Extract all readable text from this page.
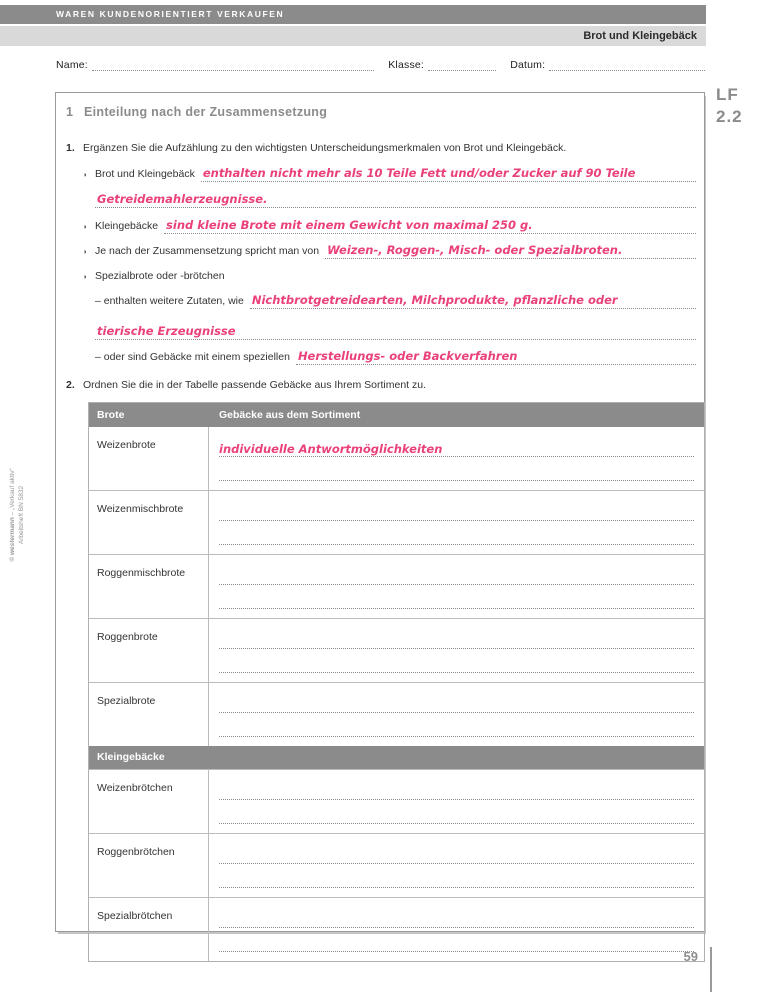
WAREN KUNDENORIENTIERT VERKAUFEN
Brot und Kleingebäck
Name:	Klasse:	Datum:
LF
2.2
1 Einteilung nach der Zusammensetzung
1. Ergänzen Sie die Aufzählung zu den wichtigsten Unterscheidungsmerkmalen von Brot und Kleingebäck.
◗ Brot und Kleingebäck enthalten nicht mehr als 10 Teile Fett und/oder Zucker auf 90 Teile
Getreidemahlerzeugnisse.
◗ Kleingebäcke sind kleine Brote mit einem Gewicht von maximal 250 g.
◗ Je nach der Zusammensetzung spricht man von Weizen-, Roggen-, Misch- oder Spezialbroten.
◗ Spezialbrote oder -brötchen
– enthalten weitere Zutaten, wie Nichtbrotgetreidearten, Milchprodukte, pflanzliche oder
tierische Erzeugnisse
– oder sind Gebäcke mit einem speziellen Herstellungs- oder Backverfahren
2. Ordnen Sie die in der Tabelle passende Gebäcke aus Ihrem Sortiment zu.
Brote	Gebäcke aus dem Sortiment
Weizenbrote	individuelle Antwortmöglichkeiten
Weizenmischbrote
Roggenmischbrote
Roggenbrote
Spezialbrote
Kleingebäcke
Weizenbrötchen
Roggenbrötchen
Spezialbrötchen
© westermann – „Verkauf aktiv“ Arbeitsheft BN 5832
59
